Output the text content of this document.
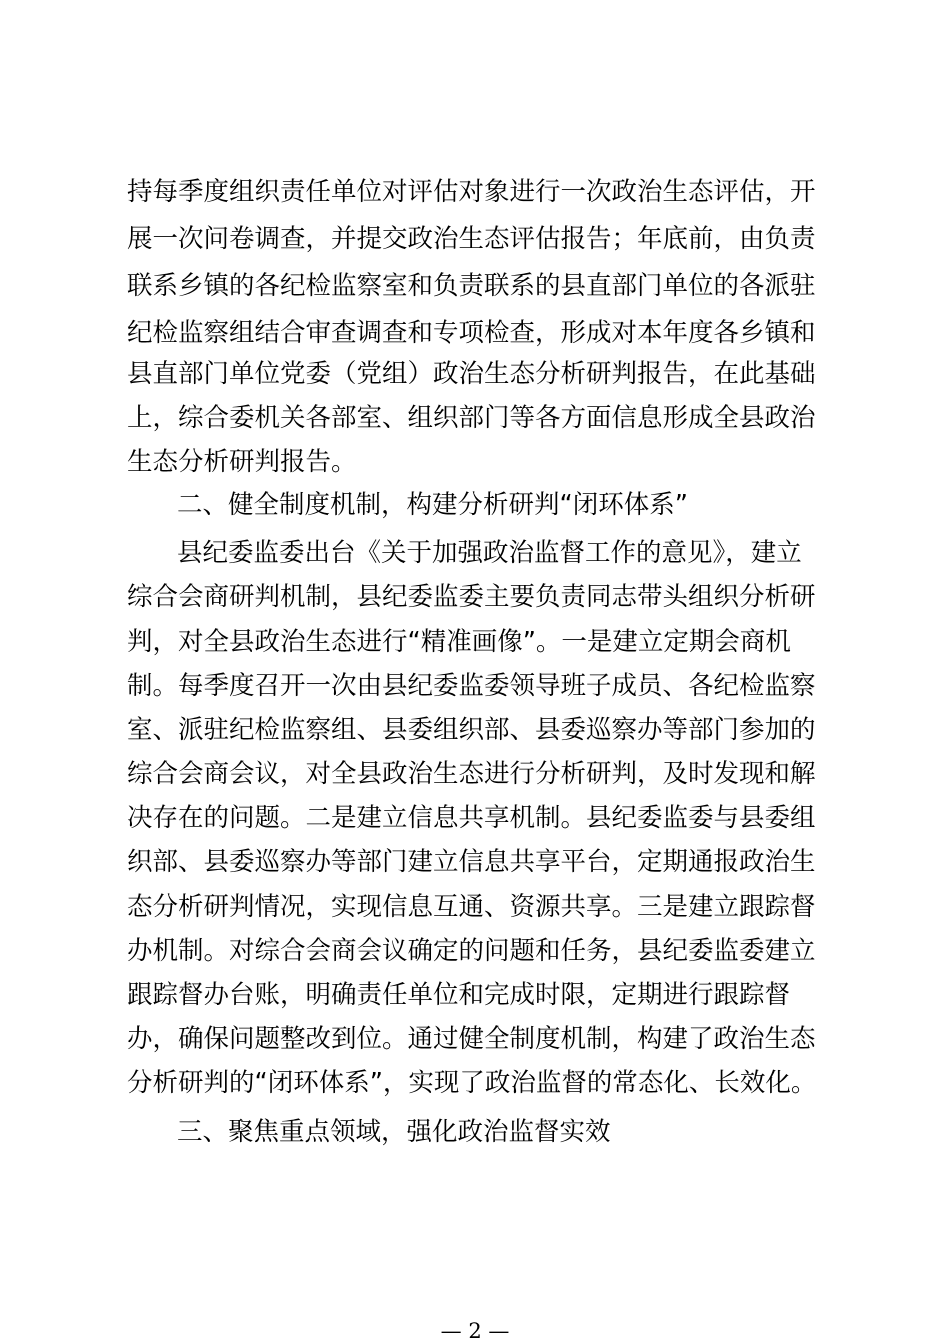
持每季度组织责任单位对评估对象进行一次政治生态评估，开
展一次问卷调查，并提交政治生态评估报告；年底前，由负责
联系乡镇的各纪检监察室和负责联系的县直部门单位的各派驻
纪检监察组结合审查调查和专项检查，形成对本年度各乡镇和
县直部门单位党委（党组）政治生态分析研判报告，在此基础
上，综合委机关各部室、组织部门等各方面信息形成全县政治
生态分析研判报告。
二、健全制度机制，构建分析研判“闭环体系”
县纪委监委出台《关于加强政治监督工作的意见》，建立
综合会商研判机制，县纪委监委主要负责同志带头组织分析研
判，对全县政治生态进行“精准画像”。一是建立定期会商机
制。每季度召开一次由县纪委监委领导班子成员、各纪检监察
室、派驻纪检监察组、县委组织部、县委巡察办等部门参加的
综合会商会议，对全县政治生态进行分析研判，及时发现和解
决存在的问题。二是建立信息共享机制。县纪委监委与县委组
织部、县委巡察办等部门建立信息共享平台，定期通报政治生
态分析研判情况，实现信息互通、资源共享。三是建立跟踪督
办机制。对综合会商会议确定的问题和任务，县纪委监委建立
跟踪督办台账，明确责任单位和完成时限，定期进行跟踪督
办，确保问题整改到位。通过健全制度机制，构建了政治生态
分析研判的“闭环体系”，实现了政治监督的常态化、长效化。
三、聚焦重点领域，强化政治监督实效
— 2 —
